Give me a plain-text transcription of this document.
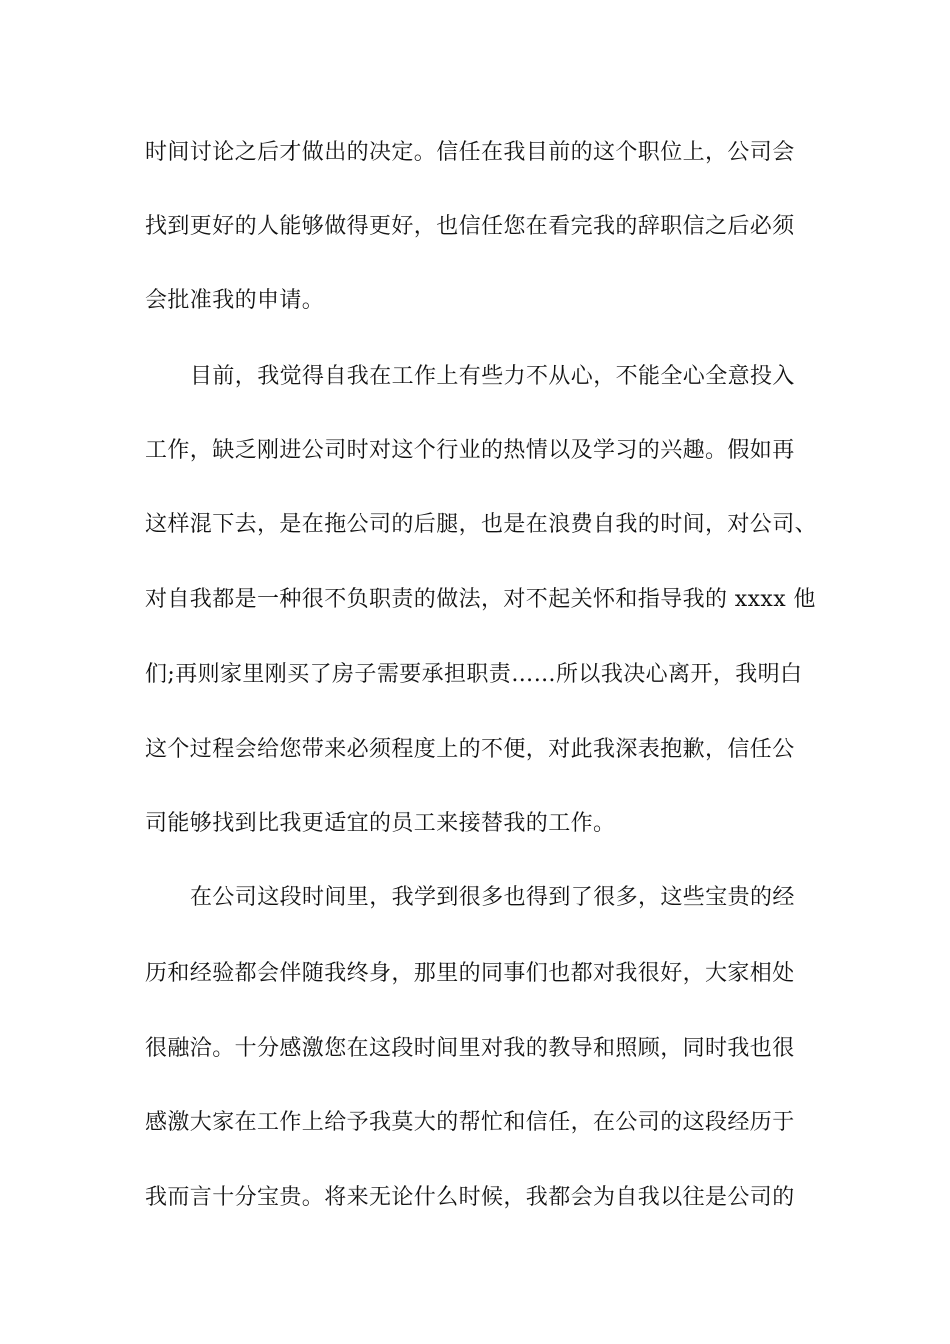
时间讨论之后才做出的决定。信任在我目前的这个职位上，公司会
找到更好的人能够做得更好，也信任您在看完我的辞职信之后必须
会批准我的申请。
目前，我觉得自我在工作上有些力不从心，不能全心全意投入
工作，缺乏刚进公司时对这个行业的热情以及学习的兴趣。假如再
这样混下去，是在拖公司的后腿，也是在浪费自我的时间，对公司、
对自我都是一种很不负职责的做法，对不起关怀和指导我的 xxxx 他
们;再则家里刚买了房子需要承担职责……所以我决心离开，我明白
这个过程会给您带来必须程度上的不便，对此我深表抱歉，信任公
司能够找到比我更适宜的员工来接替我的工作。
在公司这段时间里，我学到很多也得到了很多，这些宝贵的经
历和经验都会伴随我终身，那里的同事们也都对我很好，大家相处
很融洽。十分感激您在这段时间里对我的教导和照顾，同时我也很
感激大家在工作上给予我莫大的帮忙和信任，在公司的这段经历于
我而言十分宝贵。将来无论什么时候，我都会为自我以往是公司的
